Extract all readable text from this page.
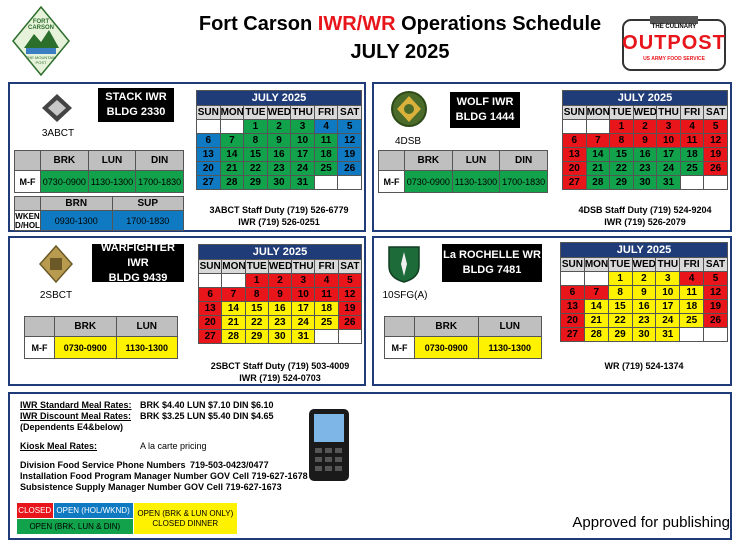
FORT
CARSON
THE MOUNTAIN POST
Fort Carson IWR/WR Operations Schedule
JULY 2025
THE CULINARY
OUTPOST
US ARMY FOOD SERVICE
STACK IWR
BLDG 2330
3ABCT
	BRK	LUN	DIN
M-F	0730-0900	1130-1300	1700-1830
	BRN	SUP
WKEN
D/HOL	0930-1300	1700-1830
JULY 2025						
SUN	MON	TUE	WED	THU	FRI	SAT
		1	2	3	4	5
6	7	8	9	10	11	12
13	14	15	16	17	18	19
20	21	22	23	24	25	26
27	28	29	30	31		
3ABCT Staff Duty (719) 526-6779
IWR (719) 526-0251
WOLF IWR
BLDG 1444
4DSB
	BRK	LUN	DIN
M-F	0730-0900	1130-1300	1700-1830
JULY 2025						
SUN	MON	TUE	WED	THU	FRI	SAT
		1	2	3	4	5
6	7	8	9	10	11	12
13	14	15	16	17	18	19
20	21	22	23	24	25	26
27	28	29	30	31		
4DSB Staff Duty (719) 524-9204
IWR (719) 526-2079
WARFIGHTER IWR
BLDG 9439
2SBCT
	BRK	LUN
M-F	0730-0900	1130-1300
JULY 2025						
SUN	MON	TUE	WED	THU	FRI	SAT
		1	2	3	4	5
6	7	8	9	10	11	12
13	14	15	16	17	18	19
20	21	22	23	24	25	26
27	28	29	30	31		
2SBCT Staff Duty (719) 503-4009
IWR (719) 524-0703
La ROCHELLE WR
BLDG 7481
10SFG(A)
	BRK	LUN
M-F	0730-0900	1130-1300
JULY 2025						
SUN	MON	TUE	WED	THU	FRI	SAT
		1	2	3	4	5
6	7	8	9	10	11	12
13	14	15	16	17	18	19
20	21	22	23	24	25	26
27	28	29	30	31		
WR (719) 524-1374
IWR Standard Meal Rates: BRK $4.40 LUN $7.10 DIN $6.10
IWR Discount Meal Rates: BRK $3.25 LUN $5.40 DIN $4.65
(Dependents E4&below)
Kiosk Meal Rates:	A la carte pricing
Division Food Service Phone Numbers 719-503-0423/0477
Installation Food Program Manager Number GOV Cell 719-627-1678
Subsistence Supply Manager Number GOV Cell 719-627-1673
CLOSED	OPEN (HOL/WKND)	OPEN (BRK & LUN ONLY)
CLOSED DINNER
OPEN (BRK, LUN & DIN)	Approved for publishing
